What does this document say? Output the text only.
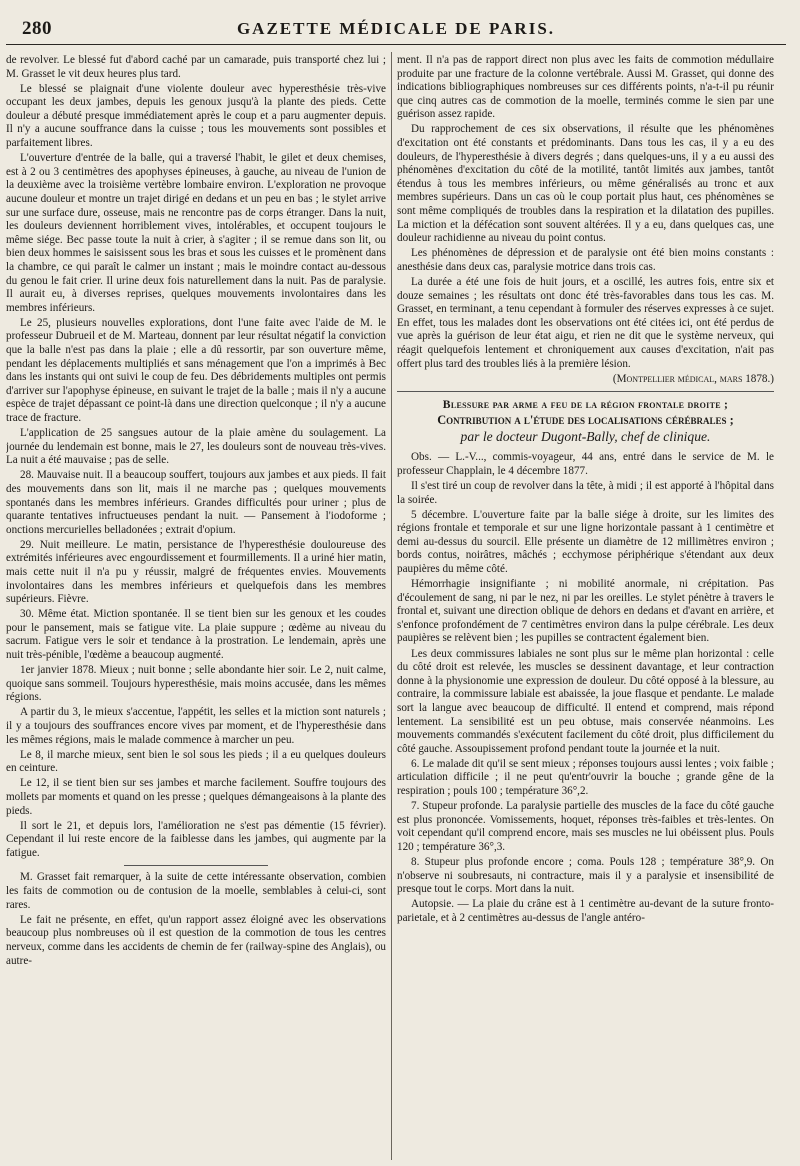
280	GAZETTE MÉDICALE DE PARIS.

de revolver. Le blessé fut d'abord caché par un camarade, puis transporté chez lui ; M. Grasset le vit deux heures plus tard.

Le blessé se plaignait d'une violente douleur avec hyperesthésie très-vive occupant les deux jambes, depuis les genoux jusqu'à la plante des pieds. Cette douleur a débuté presque immédiatement après le coup et a paru augmenter depuis. Il n'y a aucune souffrance dans la cuisse ; tous les mouvements sont possibles et parfaitement libres.

L'ouverture d'entrée de la balle, qui a traversé l'habit, le gilet et deux chemises, est à 2 ou 3 centimètres des apophyses épineuses, à gauche, au niveau de l'union de la deuxième avec la troisième vertèbre lombaire environ. L'exploration ne provoque aucune douleur et montre un trajet dirigé en dedans et un peu en bas ; le stylet arrive sur une surface dure, osseuse, mais ne rencontre pas de corps étranger. Dans la nuit, les douleurs deviennent horriblement vives, intolérables, et occupent toujours le même siége. Bec passe toute la nuit à crier, à s'agiter ; il se remue dans son lit, ou bien deux hommes le saisissent sous les bras et sous les cuisses et le promènent dans la chambre, ce qui paraît le calmer un instant ; mais le moindre contact au-dessous du genou le fait crier. Il urine deux fois naturellement dans la nuit. Pas de paralysie. Il aurait eu, à diverses reprises, quelques mouvements involontaires dans les membres inférieurs.

Le 25, plusieurs nouvelles explorations, dont l'une faite avec l'aide de M. le professeur Dubrueil et de M. Marteau, donnent par leur résultat négatif la conviction que la balle n'est pas dans la plaie ; elle a dû ressortir, par son ouverture même, pendant les déplacements multipliés et sans ménagement que l'on a imprimés à Bec dans les instants qui ont suivi le coup de feu. Des débridements multiples ont permis d'arriver sur l'apophyse épineuse, en suivant le trajet de la balle ; mais il n'y a aucune espèce de trajet dépassant ce point-là dans une direction quelconque ; il n'y a aucune trace de fracture.

L'application de 25 sangsues autour de la plaie amène du soulagement. La journée du lendemain est bonne, mais le 27, les douleurs sont de nouveau très-vives. La nuit a été mauvaise ; pas de selle.

28. Mauvaise nuit. Il a beaucoup souffert, toujours aux jambes et aux pieds. Il fait des mouvements dans son lit, mais il ne marche pas ; quelques mouvements spontanés dans les membres inférieurs. Grandes difficultés pour uriner ; plus de quarante tentatives infructueuses pendant la nuit. — Pansement à l'iodoforme ; onctions mercurielles belladonées ; extrait d'opium.

29. Nuit meilleure. Le matin, persistance de l'hyperesthésie douloureuse des extrémités inférieures avec engourdissement et fourmillements. Il a uriné hier matin, mais cette nuit il n'a pu y réussir, malgré de fréquentes envies. Mouvements involontaires dans les membres inférieurs et quelquefois dans les membres supérieurs. Fièvre.

30. Même état. Miction spontanée. Il se tient bien sur les genoux et les coudes pour le pansement, mais se fatigue vite. La plaie suppure ; œdème au niveau du sacrum. Fatigue vers le soir et tendance à la prostration. Le lendemain, après une nuit très-pénible, l'œdème a beaucoup augmenté.

1er janvier 1878. Mieux ; nuit bonne ; selle abondante hier soir. Le 2, nuit calme, quoique sans sommeil. Toujours hyperesthésie, mais moins accusée, dans les mêmes régions.

A partir du 3, le mieux s'accentue, l'appétit, les selles et la miction sont naturels ; il y a toujours des souffrances encore vives par moment, et de l'hyperesthésie dans les mêmes régions, mais le malade commence à marcher un peu.

Le 8, il marche mieux, sent bien le sol sous les pieds ; il a eu quelques douleurs en ceinture.

Le 12, il se tient bien sur ses jambes et marche facilement. Souffre toujours des mollets par moments et quand on les presse ; quelques démangeaisons à la plante des pieds.

Il sort le 21, et depuis lors, l'amélioration ne s'est pas démentie (15 février). Cependant il lui reste encore de la faiblesse dans les jambes, qui augmente par la fatigue.

M. Grasset fait remarquer, à la suite de cette intéressante observation, combien les faits de commotion ou de contusion de la moelle, semblables à celui-ci, sont rares.

Le fait ne présente, en effet, qu'un rapport assez éloigné avec les observations beaucoup plus nombreuses où il est question de la commotion de tous les centres nerveux, comme dans les accidents de chemin de fer (railway-spine des Anglais), ou autre-

ment. Il n'a pas de rapport direct non plus avec les faits de commotion médullaire produite par une fracture de la colonne vertébrale. Aussi M. Grasset, qui donne des indications bibliographiques nombreuses sur ces différents points, n'a-t-il pu réunir que cinq autres cas de commotion de la moelle, terminés comme le sien par une guérison assez rapide.

Du rapprochement de ces six observations, il résulte que les phénomènes d'excitation ont été constants et prédominants. Dans tous les cas, il y a eu des douleurs, de l'hyperesthésie à divers degrés ; dans quelques-uns, il y a eu aussi des phénomènes d'excitation du côté de la motilité, tantôt limités aux jambes, tantôt étendus à tous les membres inférieurs, ou même généralisés au tronc et aux membres supérieurs. Dans un cas où le coup portait plus haut, ces phénomènes se sont même compliqués de troubles dans la respiration et la dilatation des pupilles. La miction et la défécation sont souvent altérées. Il y a eu, dans quelques cas, une douleur rachidienne au niveau du point contus.

Les phénomènes de dépression et de paralysie ont été bien moins constants : anesthésie dans deux cas, paralysie motrice dans trois cas.

La durée a été une fois de huit jours, et a oscillé, les autres fois, entre six et douze semaines ; les résultats ont donc été très-favorables dans tous les cas. M. Grasset, en terminant, a tenu cependant à formuler des réserves expresses à ce sujet. En effet, tous les malades dont les observations ont été citées ici, ont été perdus de vue après la guérison de leur état aigu, et rien ne dit que le système nerveux, qui réagit quelquefois lentement et chroniquement aux causes d'excitation, n'ait pas offert plus tard des troubles liés à la première lésion.

(Montpellier médical, mars 1878.)

Blessure par arme a feu de la région frontale droite ;
Contribution a l'étude des localisations cérébrales ;
par le docteur Dugont-Bally, chef de clinique.

Obs. — L.-V..., commis-voyageur, 44 ans, entré dans le service de M. le professeur Chapplain, le 4 décembre 1877.

Il s'est tiré un coup de revolver dans la tête, à midi ; il est apporté à l'hôpital dans la soirée.

5 décembre. L'ouverture faite par la balle siége à droite, sur les limites des régions frontale et temporale et sur une ligne horizontale passant à 1 centimètre et demi au-dessus du sourcil. Elle présente un diamètre de 12 millimètres environ ; bords contus, noirâtres, mâchés ; ecchymose périphérique s'étendant aux deux paupières du même côté.

Hémorrhagie insignifiante ; ni mobilité anormale, ni crépitation. Pas d'écoulement de sang, ni par le nez, ni par les oreilles. Le stylet pénètre à travers le frontal et, suivant une direction oblique de dehors en dedans et d'avant en arrière, et s'enfonce profondément de 7 centimètres environ dans la pulpe cérébrale. Les deux paupières se relèvent bien ; les pupilles se contractent également bien.

Les deux commissures labiales ne sont plus sur le même plan horizontal : celle du côté droit est relevée, les muscles se dessinent davantage, et leur contraction donne à la physionomie une expression de douleur. Du côté opposé à la blessure, au contraire, la commissure labiale est abaissée, la joue flasque et pendante. Le malade sort la langue avec beaucoup de difficulté. Il entend et comprend, mais répond lentement. La sensibilité est un peu obtuse, mais conservée néanmoins. Les mouvements commandés s'exécutent facilement du côté droit, plus difficilement du côté gauche. Assoupissement profond pendant toute la journée et la nuit.

6. Le malade dit qu'il se sent mieux ; réponses toujours aussi lentes ; voix faible ; articulation difficile ; il ne peut qu'entr'ouvrir la bouche ; grande gêne de la respiration ; pouls 100 ; température 36°,2.

7. Stupeur profonde. La paralysie partielle des muscles de la face du côté gauche est plus prononcée. Vomissements, hoquet, réponses très-faibles et très-lentes. On voit cependant qu'il comprend encore, mais ses muscles ne lui obéissent plus. Pouls 120 ; température 36°,3.

8. Stupeur plus profonde encore ; coma. Pouls 128 ; température 38°,9. On n'observe ni soubresauts, ni contracture, mais il y a paralysie et insensibilité de presque tout le corps. Mort dans la nuit.

Autopsie. — La plaie du crâne est à 1 centimètre au-devant de la suture fronto-parietale, et à 2 centimètres au-dessus de l'angle antéro-
